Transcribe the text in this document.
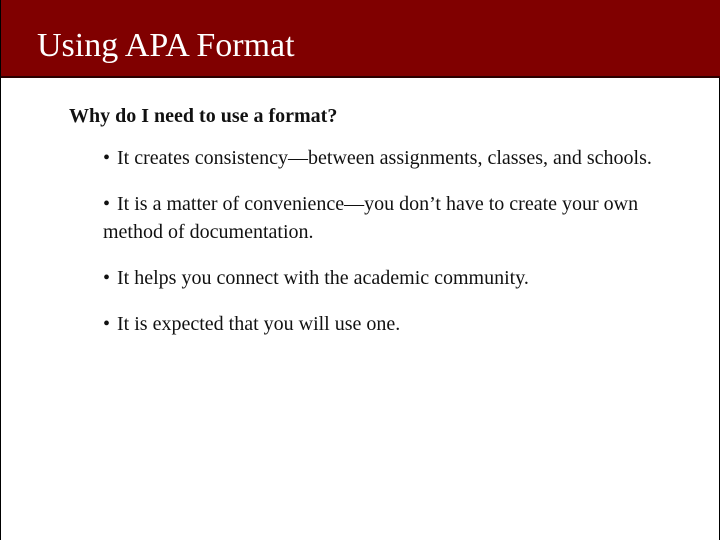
Using APA Format
Why do I need to use a format?
• It creates consistency—between assignments, classes, and schools.
• It is a matter of convenience—you don’t have to create your own method of documentation.
• It helps you connect with the academic community.
• It is expected that you will use one.
